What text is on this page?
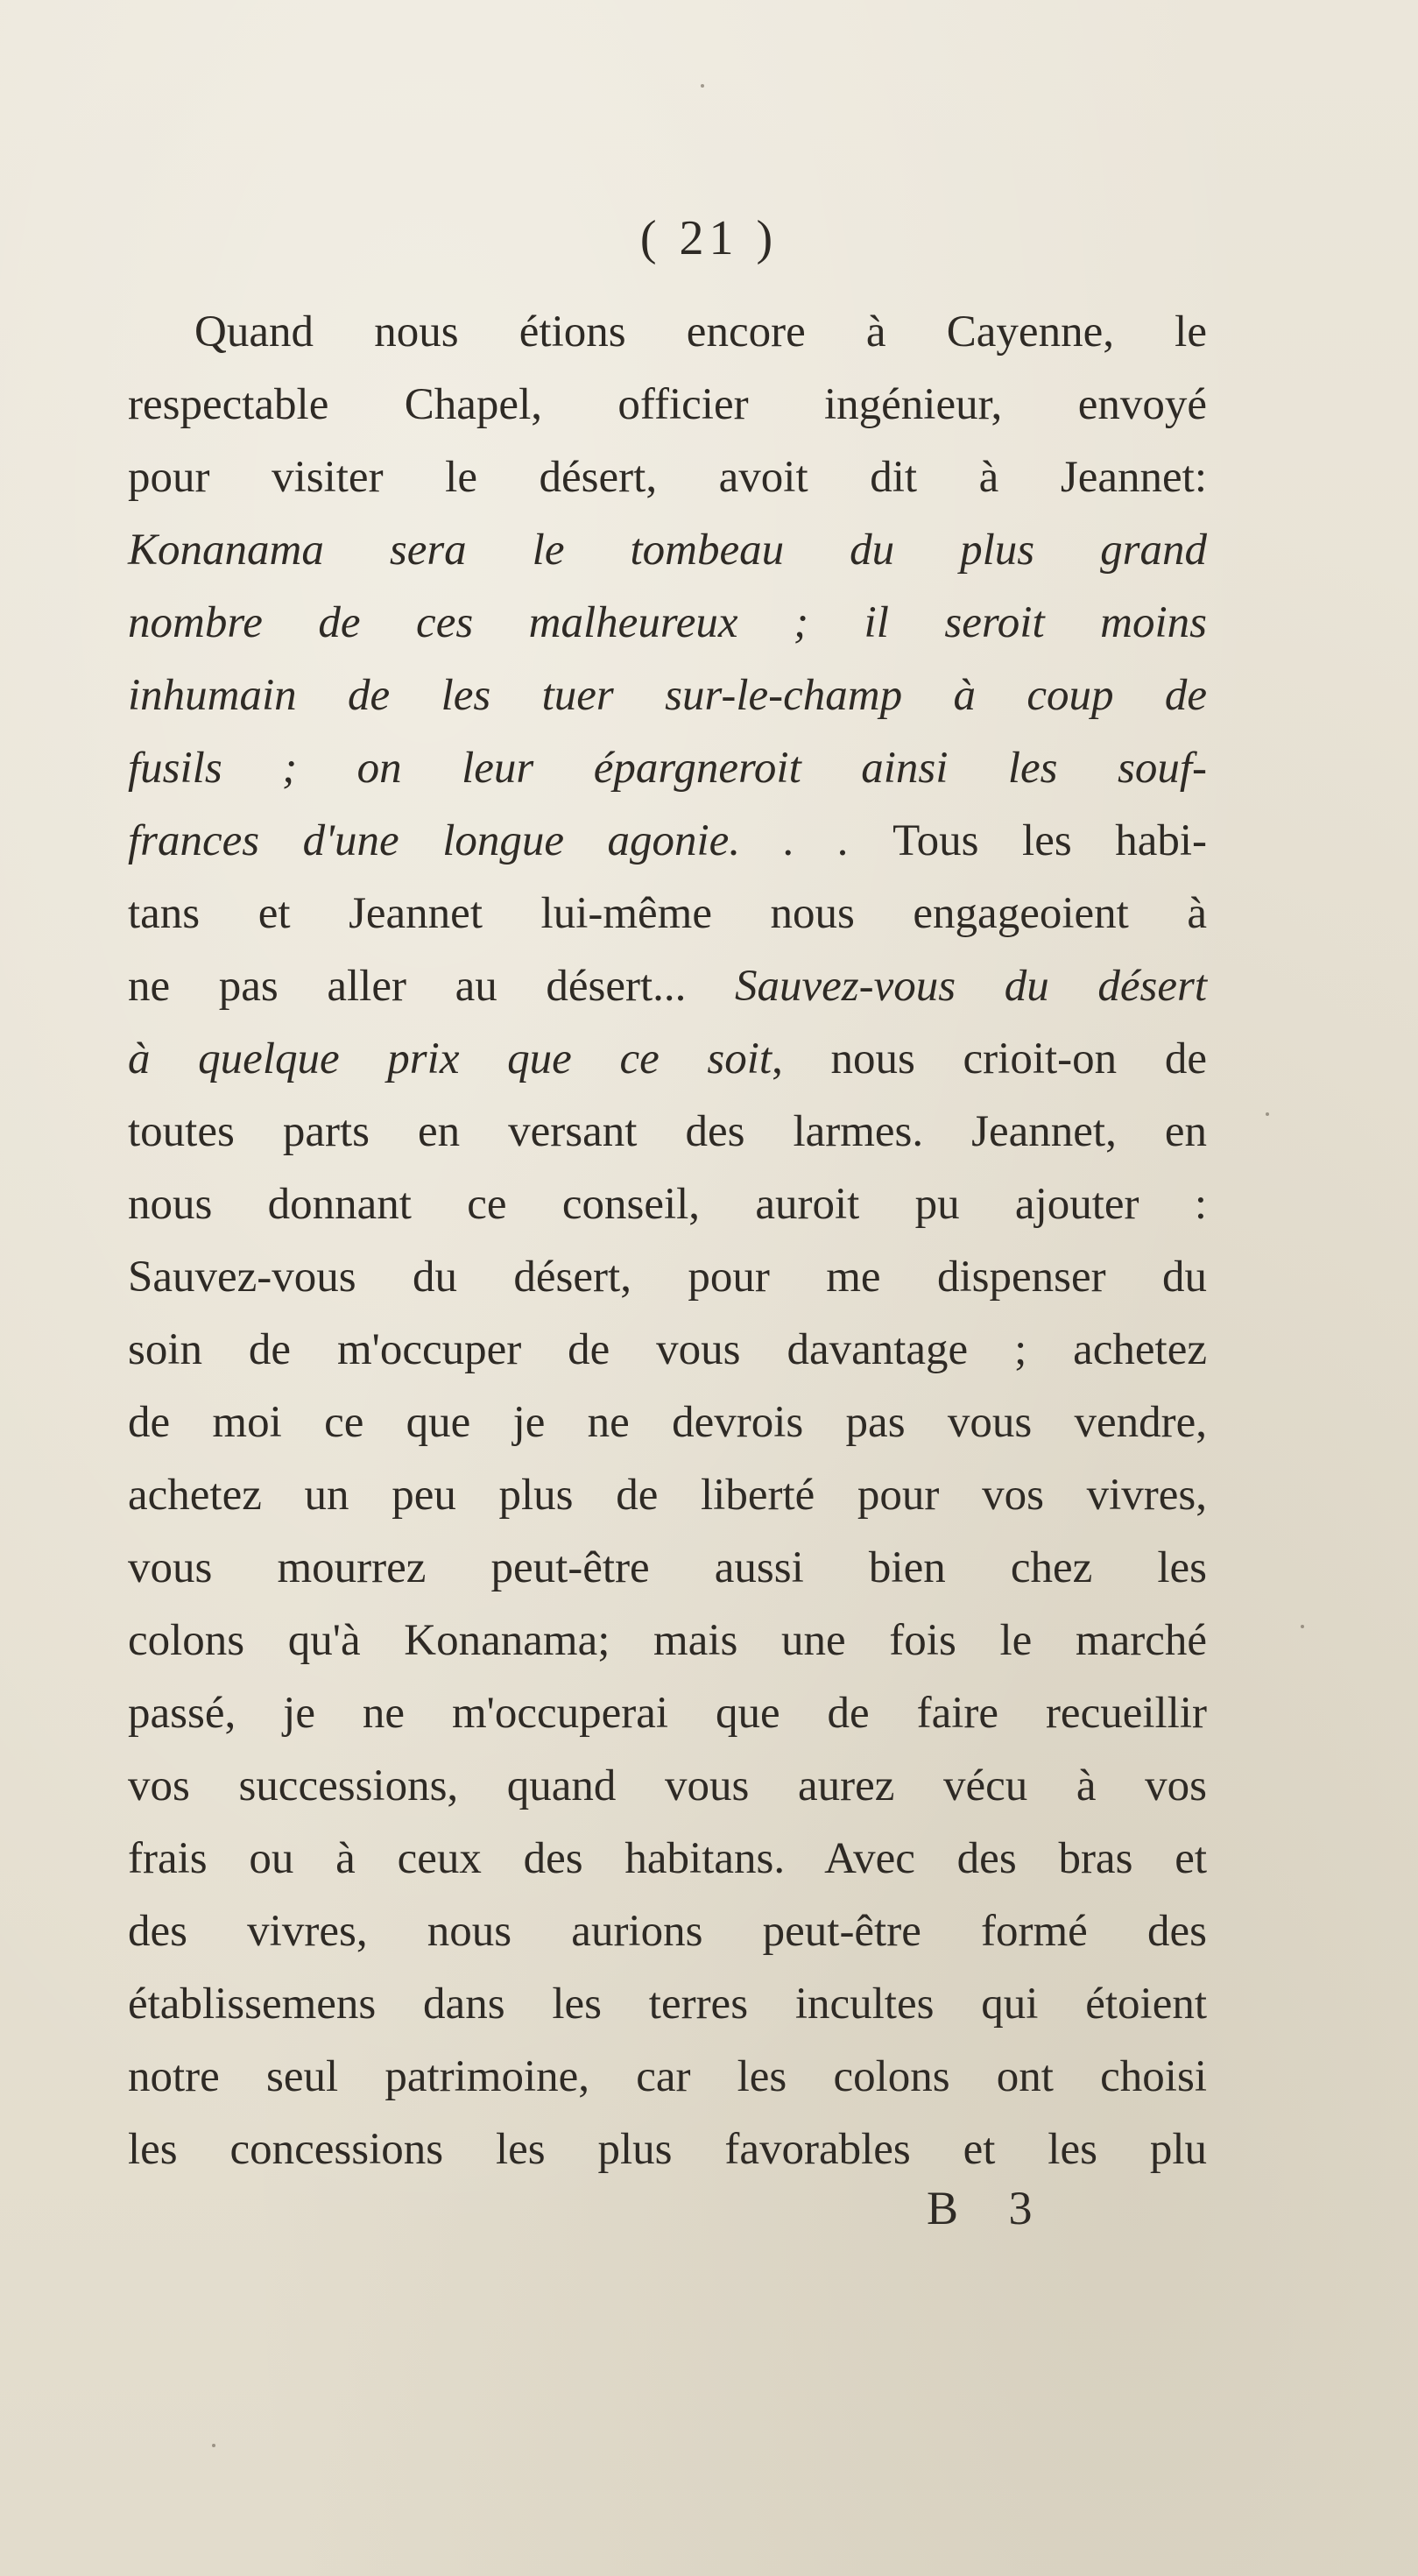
( 21 )
Quand nous étions encore à Cayenne, le
respectable Chapel, officier ingénieur, envoyé
pour visiter le désert, avoit dit à Jeannet:
Konanama sera le tombeau du plus grand
nombre de ces malheureux ; il seroit moins
inhumain de les tuer sur-le-champ à coup de
fusils ; on leur épargneroit ainsi les souf-
frances d'une longue agonie. . . Tous les habi-
tans et Jeannet lui-même nous engageoient à
ne pas aller au désert... Sauvez-vous du désert
à quelque prix que ce soit, nous crioit-on de
toutes parts en versant des larmes. Jeannet, en
nous donnant ce conseil, auroit pu ajouter :
Sauvez-vous du désert, pour me dispenser du
soin de m'occuper de vous davantage ; achetez
de moi ce que je ne devrois pas vous vendre,
achetez un peu plus de liberté pour vos vivres,
vous mourrez peut-être aussi bien chez les
colons qu'à Konanama; mais une fois le marché
passé, je ne m'occuperai que de faire recueillir
vos successions, quand vous aurez vécu à vos
frais ou à ceux des habitans. Avec des bras et
des vivres, nous aurions peut-être formé des
établissemens dans les terres incultes qui étoient
notre seul patrimoine, car les colons ont choisi
les concessions les plus favorables et les plu
B 3
